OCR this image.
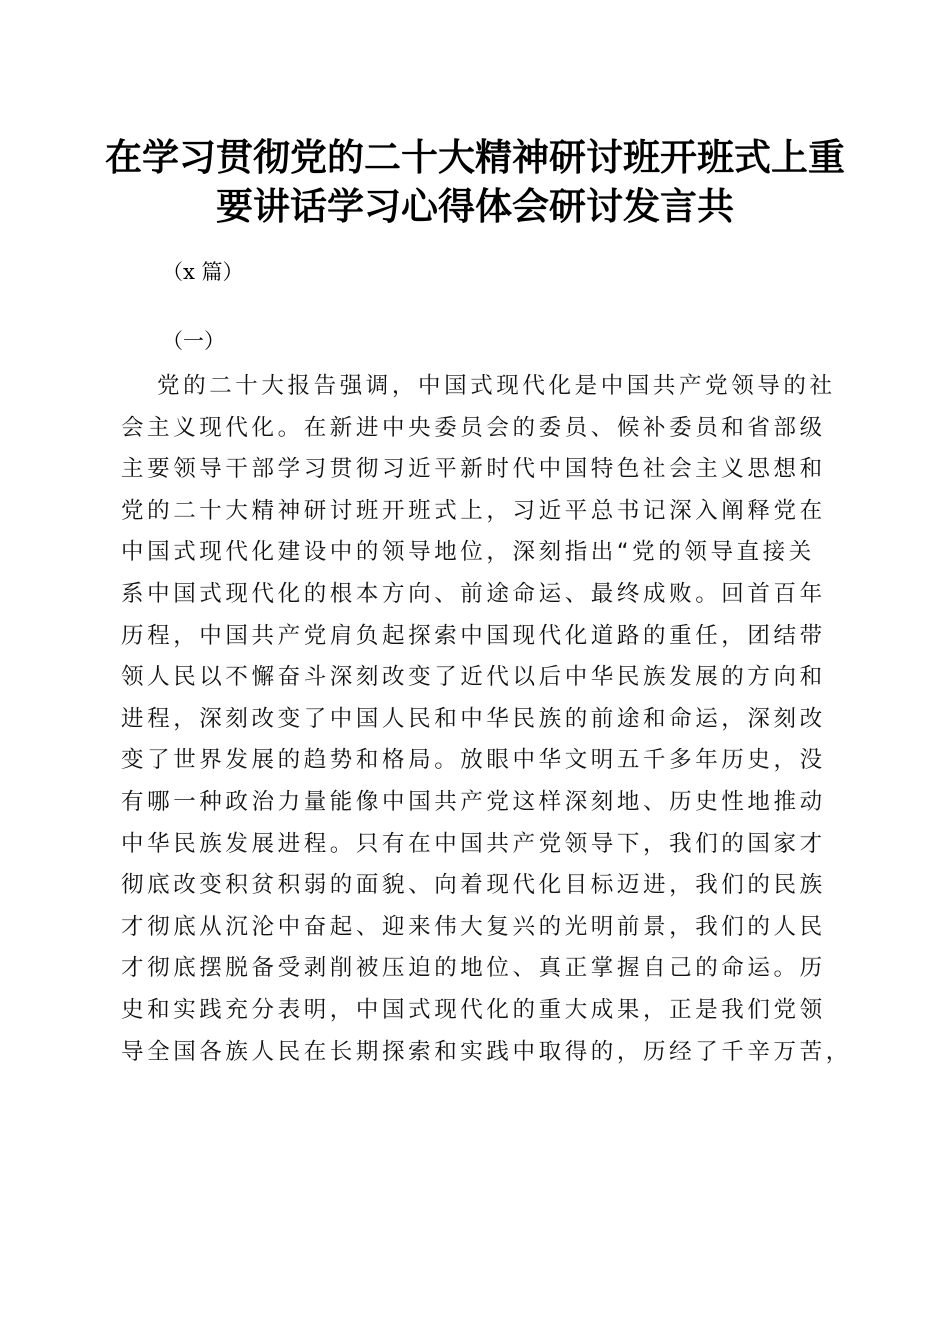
在学习贯彻党的二十大精神研讨班开班式上重
要讲话学习心得体会研讨发言共
（x 篇）
（一）
党的二十大报告强调，中国式现代化是中国共产党领导的社
会主义现代化。在新进中央委员会的委员、候补委员和省部级
主要领导干部学习贯彻习近平新时代中国特色社会主义思想和
党的二十大精神研讨班开班式上，习近平总书记深入阐释党在
中国式现代化建设中的领导地位，深刻指出“党的领导直接关
系中国式现代化的根本方向、前途命运、最终成败。回首百年
历程，中国共产党肩负起探索中国现代化道路的重任，团结带
领人民以不懈奋斗深刻改变了近代以后中华民族发展的方向和
进程，深刻改变了中国人民和中华民族的前途和命运，深刻改
变了世界发展的趋势和格局。放眼中华文明五千多年历史，没
有哪一种政治力量能像中国共产党这样深刻地、历史性地推动
中华民族发展进程。只有在中国共产党领导下，我们的国家才
彻底改变积贫积弱的面貌、向着现代化目标迈进，我们的民族
才彻底从沉沦中奋起、迎来伟大复兴的光明前景，我们的人民
才彻底摆脱备受剥削被压迫的地位、真正掌握自己的命运。历
史和实践充分表明，中国式现代化的重大成果，正是我们党领
导全国各族人民在长期探索和实践中取得的，历经了千辛万苦，
